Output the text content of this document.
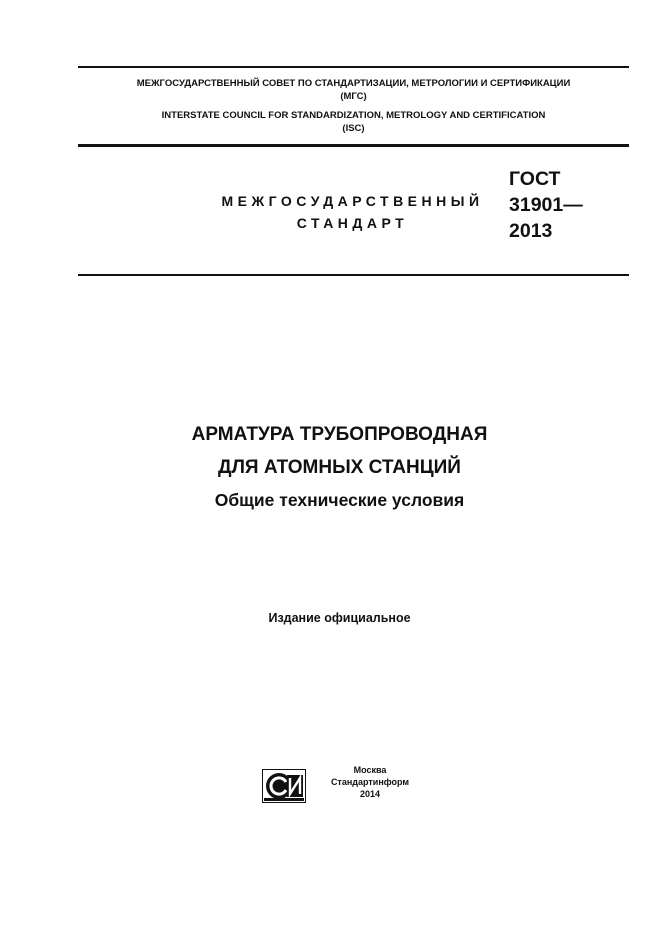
МЕЖГОСУДАРСТВЕННЫЙ СОВЕТ ПО СТАНДАРТИЗАЦИИ, МЕТРОЛОГИИ И СЕРТИФИКАЦИИ
(МГС)
INTERSTATE COUNCIL FOR STANDARDIZATION, METROLOGY AND CERTIFICATION
(ISC)
МЕЖГОСУДАРСТВЕННЫЙ
СТАНДАРТ
ГОСТ
31901—
2013
АРМАТУРА ТРУБОПРОВОДНАЯ
ДЛЯ АТОМНЫХ СТАНЦИЙ
Общие технические условия
Издание официальное
Москва
Стандартинформ
2014
